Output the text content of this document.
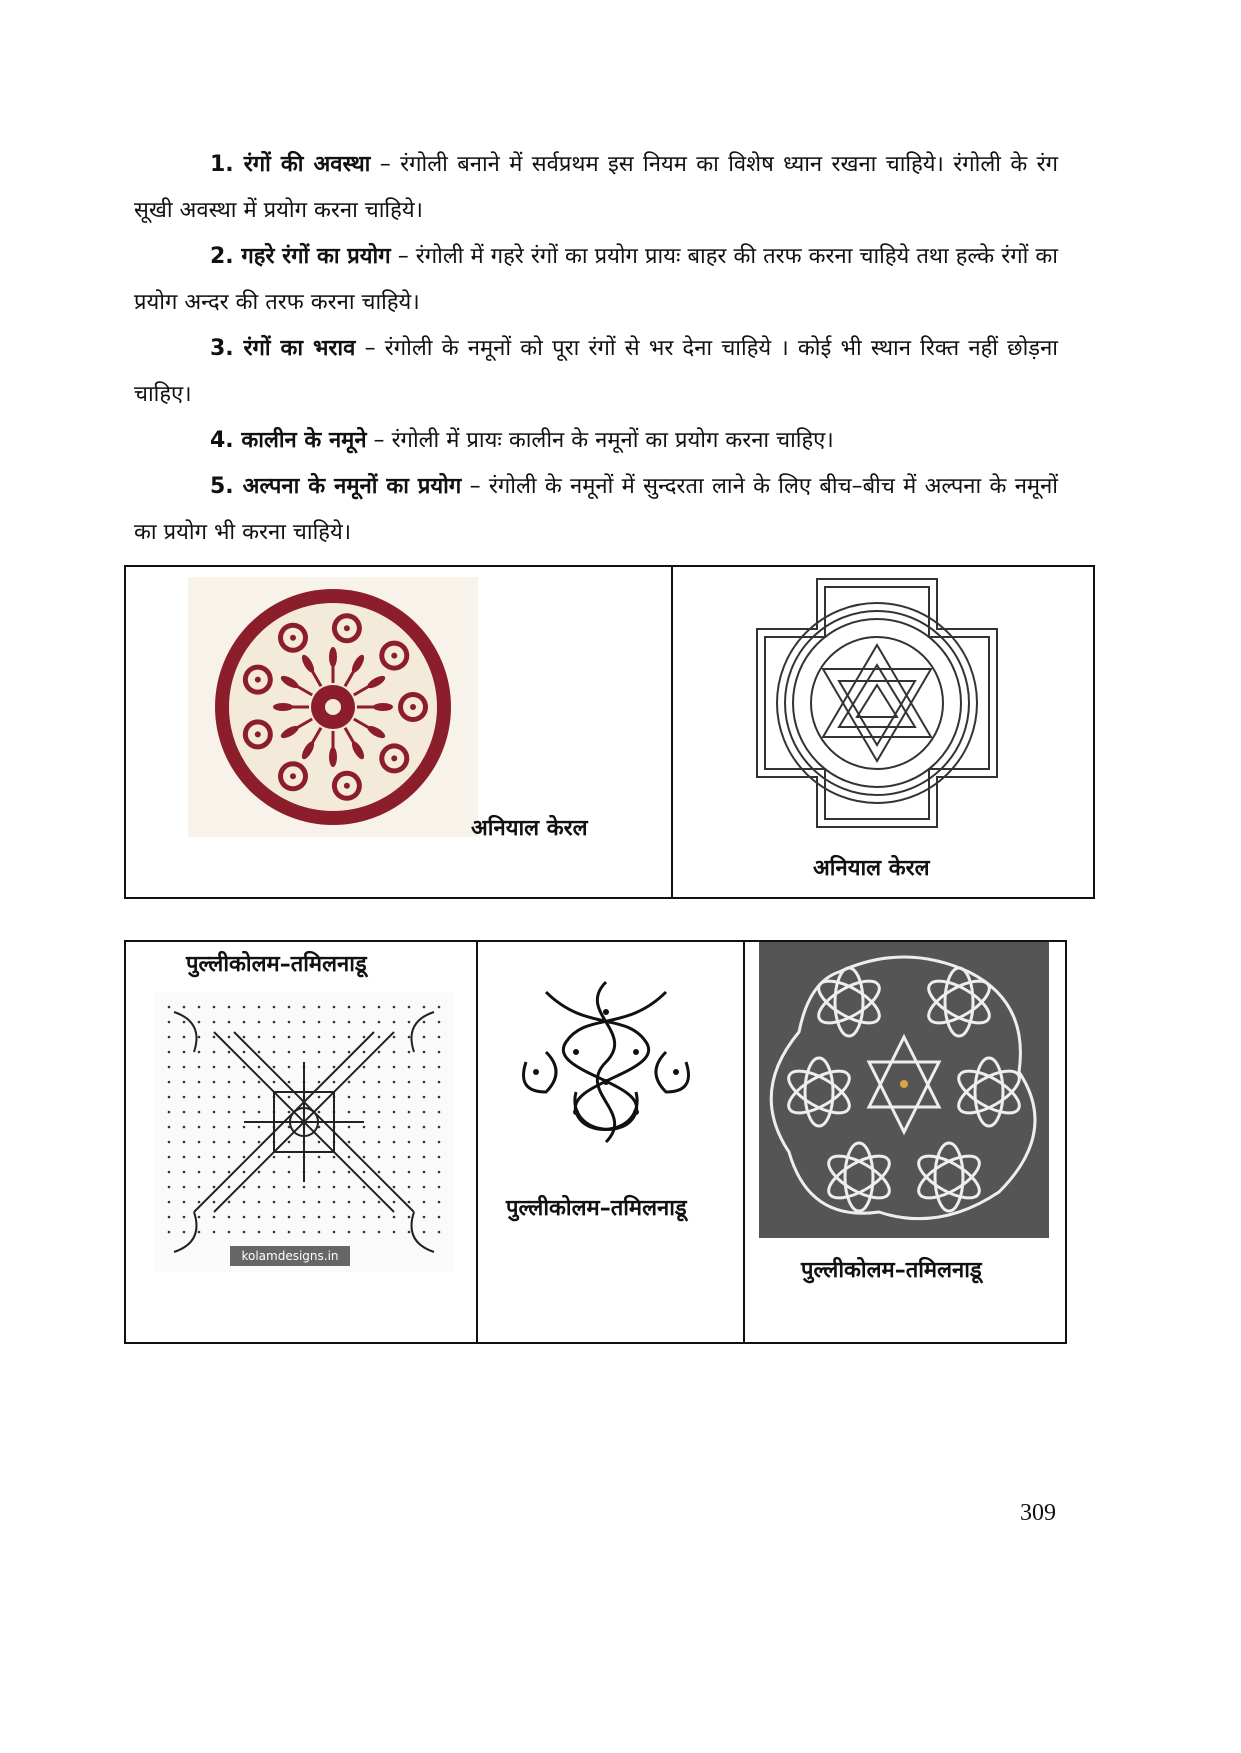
1. रंगों की अवस्था – रंगोली बनाने में सर्वप्रथम इस नियम का विशेष ध्यान रखना चाहिये। रंगोली के रंग सूखी अवस्था में प्रयोग करना चाहिये।

2. गहरे रंगों का प्रयोग – रंगोली में गहरे रंगों का प्रयोग प्रायः बाहर की तरफ करना चाहिये तथा हल्के रंगों का प्रयोग अन्दर की तरफ करना चाहिये।

3. रंगों का भराव – रंगोली के नमूनों को पूरा रंगों से भर देना चाहिये । कोई भी स्थान रिक्त नहीं छोड़ना चाहिए।

4. कालीन के नमूने – रंगोली में प्रायः कालीन के नमूनों का प्रयोग करना चाहिए।

5. अल्पना के नमूनों का प्रयोग – रंगोली के नमूनों में सुन्दरता लाने के लिए बीच–बीच में अल्पना के नमूनों का प्रयोग भी करना चाहिये।

अनियाल केरल

अनियाल केरल
पुल्लीकोलम–तमिलनाडू
kolamdesigns.in

पुल्लीकोलम–तमिलनाडू

पुल्लीकोलम–तमिलनाडू
309
